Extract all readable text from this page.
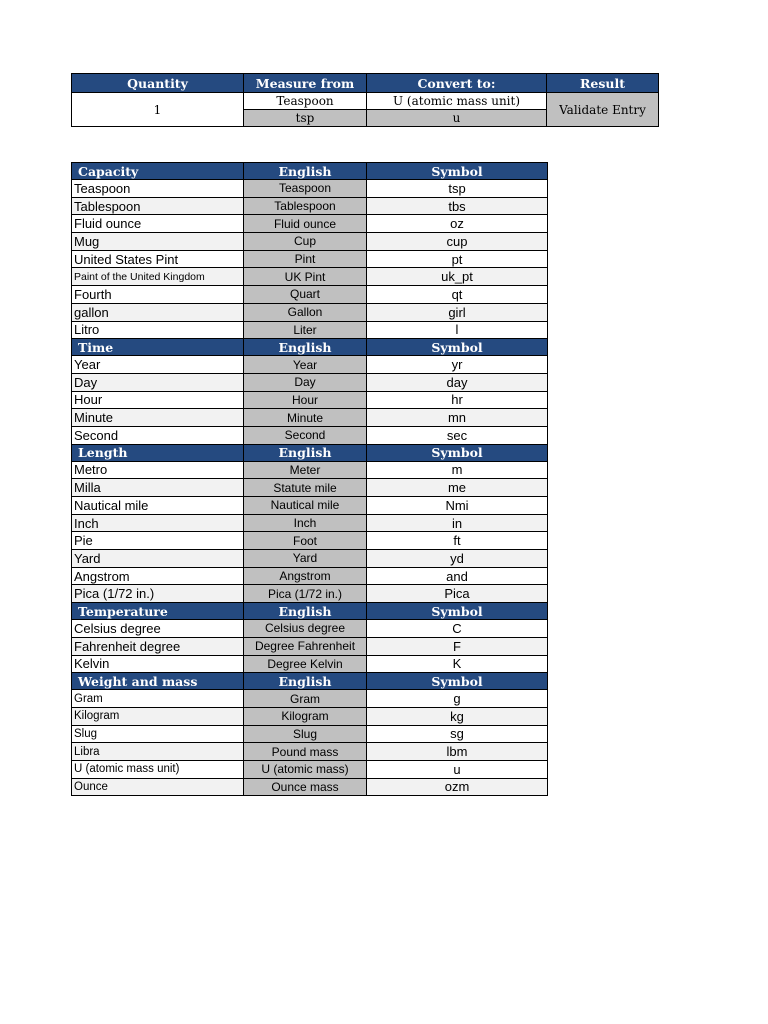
Quantity	Measure from	Convert to:	Result
1	Teaspoon	U (atomic mass unit)	Validate Entry
	tsp	u	
Capacity	English	Symbol
Teaspoon	Teaspoon	tsp
Tablespoon	Tablespoon	tbs
Fluid ounce	Fluid ounce	oz
Mug	Cup	cup
United States Pint	Pint	pt
Paint of the United Kingdom	UK Pint	uk_pt
Fourth	Quart	qt
gallon	Gallon	girl
Litro	Liter	l
Time	English	Symbol
Year	Year	yr
Day	Day	day
Hour	Hour	hr
Minute	Minute	mn
Second	Second	sec
Length	English	Symbol
Metro	Meter	m
Milla	Statute mile	me
Nautical mile	Nautical mile	Nmi
Inch	Inch	in
Pie	Foot	ft
Yard	Yard	yd
Angstrom	Angstrom	and
Pica (1/72 in.)	Pica (1/72 in.)	Pica
Temperature	English	Symbol
Celsius degree	Celsius degree	C
Fahrenheit degree	Degree Fahrenheit	F
Kelvin	Degree Kelvin	K
Weight and mass	English	Symbol
Gram	Gram	g
Kilogram	Kilogram	kg
Slug	Slug	sg
Libra	Pound mass	lbm
U (atomic mass unit)	U (atomic mass)	u
Ounce	Ounce mass	ozm
